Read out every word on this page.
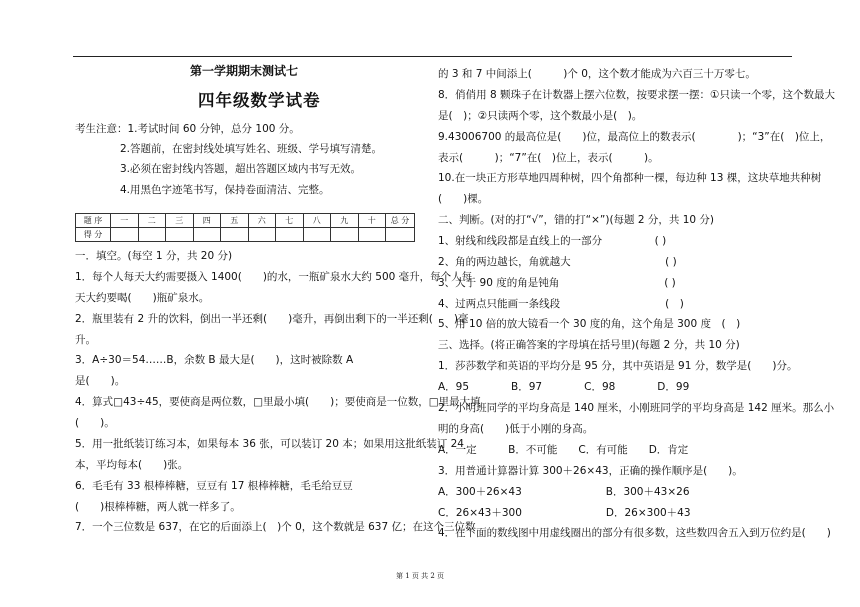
第一学期期末测试七
四年级数学试卷
考生注意：1.考试时间 60 分钟，总分 100 分。
2.答题前，在密封线处填写姓名、班级、学号填写清楚。
3.必须在密封线内答题，超出答题区域内书写无效。
4.用黑色字迹笔书写，保持卷面清洁、完整。
题 序	一	二	三	四	五	六	七	八	九	十	总 分
得 分											
一．填空。(每空 1 分，共 20 分)
1．每个人每天大约需要摄入 1400(　　)的水，一瓶矿泉水大约 500 毫升，每个人每
天大约要喝(　　)瓶矿泉水。
2．瓶里装有 2 升的饮料，倒出一半还剩(　　)毫升，再倒出剩下的一半还剩(　　)毫
升。
3．A÷30＝54……B，余数 B 最大是(　　)，这时被除数 A
是(　　)。
4．算式□43÷45，要使商是两位数，□里最小填(　　)；要使商是一位数，□里最大填
(　　)。
5．用一批纸装订练习本，如果每本 36 张，可以装订 20 本；如果用这批纸装订 24
本，平均每本(　　)张。
6．毛毛有 33 根棒棒糖，豆豆有 17 根棒棒糖，毛毛给豆豆
(　　)根棒棒糖，两人就一样多了。
7．一个三位数是 637，在它的后面添上(　)个 0，这个数就是 637 亿；在这个三位数
的 3 和 7 中间添上(　　　)个 0，这个数才能成为六百三十万零七。
8．俏俏用 8 颗珠子在计数器上摆六位数，按要求摆一摆：①只读一个零，这个数最大
是(　)；②只读两个零，这个数最小是(　)。
9.43006700 的最高位是(　　)位，最高位上的数表示(　　　　)；“3”在(　)位上，
表示(　　　)；“7”在(　)位上，表示(　　　)。
10.在一块正方形草地四周种树，四个角都种一棵，每边种 13 棵，这块草地共种树
(　　)棵。
二、判断。(对的打“√”，错的打“×”)(每题 2 分，共 10 分)
1、射线和线段都是直线上的一部分　　　　　( )
2、角的两边越长，角就越大　　　　　　　　　( )
3、大于 90 度的角是钝角　　　　　　　　　　( )
4、过两点只能画一条线段　　　　　　　　　　(　)
5、用 10 倍的放大镜看一个 30 度的角，这个角是 300 度　(　)
三、选择。(将正确答案的字母填在括号里)(每题 2 分，共 10 分)
1．莎莎数学和英语的平均分是 95 分，其中英语是 91 分，数学是(　　)分。
A．95　　　　B．97　　　　C．98　　　　D．99
2．小明班同学的平均身高是 140 厘米，小刚班同学的平均身高是 142 厘米。那么小
明的身高(　　)低于小刚的身高。
A．一定　　　B．不可能　　C．有可能　　D．肯定
3．用普通计算器计算 300＋26×43，正确的操作顺序是(　　)。
A．300＋26×43　　　　　　　　B．300＋43×26
C．26×43＋300　　　　　　　　D．26×300＋43
4．在下面的数线图中用虚线圈出的部分有很多数，这些数四舍五入到万位约是(　　)
第 1 页 共 2 页
